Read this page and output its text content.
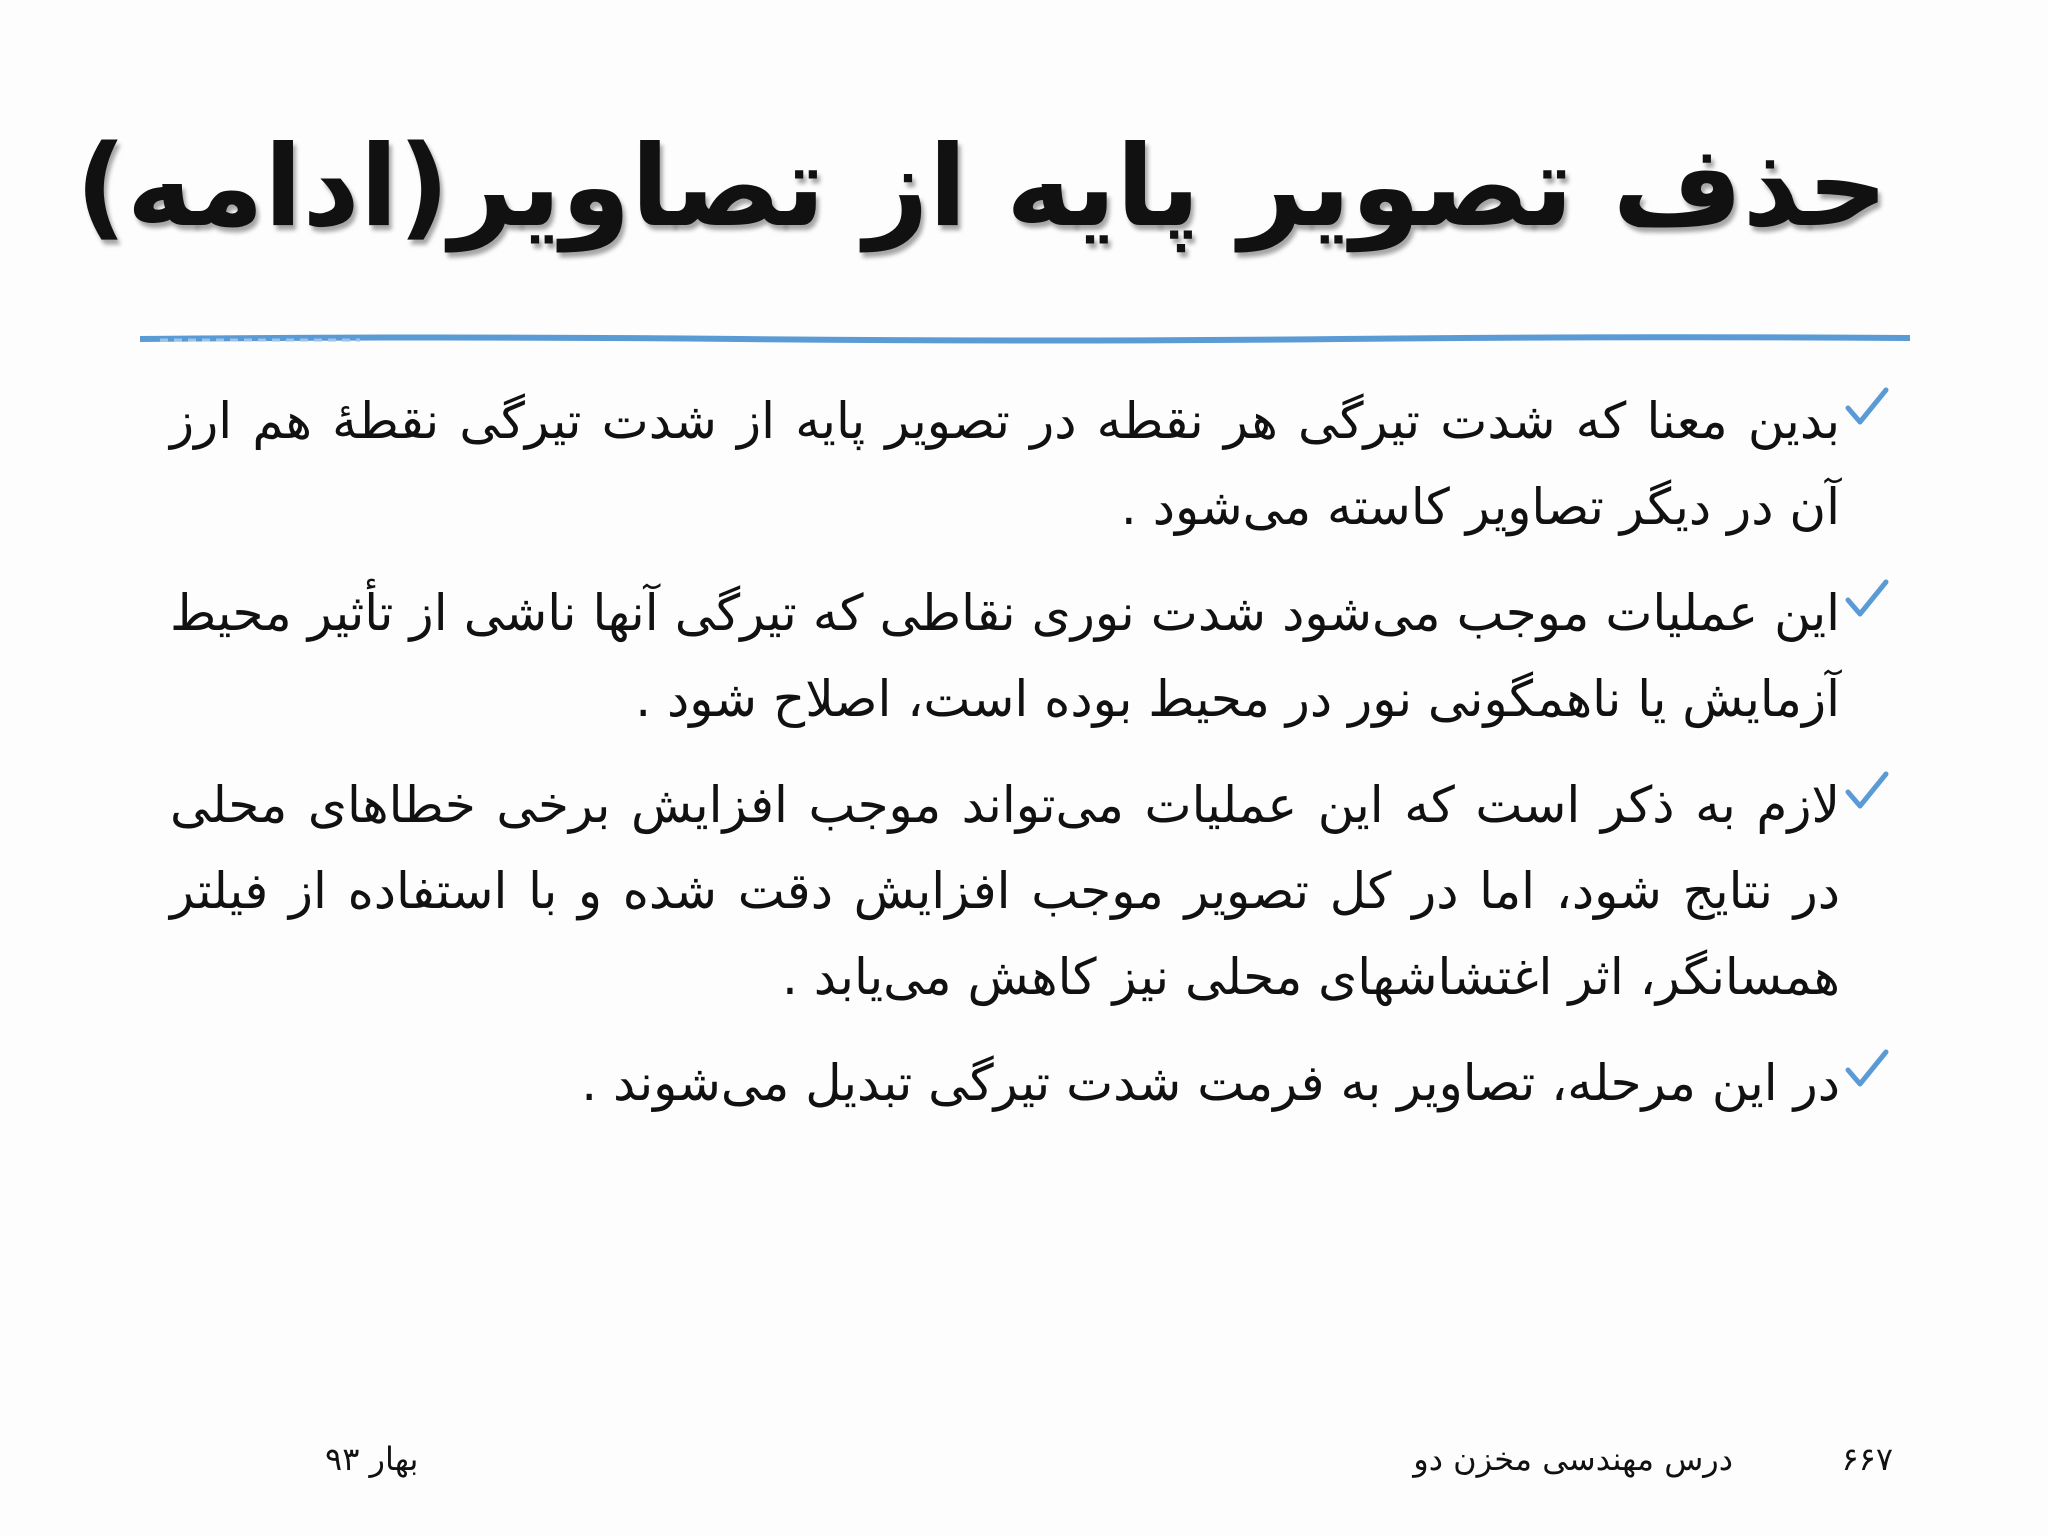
حذف تصویر پایه از تصاویر(ادامه)
بدین معنا که شدت تیرگی هر نقطه در تصویر پایه از شدت تیرگی نقطۀ هم ارز آن در دیگر تصاویر کاسته می‌شود .
این عملیات موجب می‌شود شدت نوری نقاطی که تیرگی آنها ناشی از تأثیر محیط آزمایش یا ناهمگونی نور در محیط بوده است، اصلاح شود .
لازم به ذکر است که این عملیات می‌تواند موجب افزایش برخی خطاهای محلی در نتایج شود، اما در کل تصویر موجب افزایش دقت شده و با استفاده از فیلتر همسانگر، اثر اغتشاشهای محلی نیز کاهش می‌یابد .
در این مرحله، تصاویر به فرمت شدت تیرگی تبدیل می‌شوند .
۶۶۷
درس مهندسی مخزن دو
بهار ۹۳
